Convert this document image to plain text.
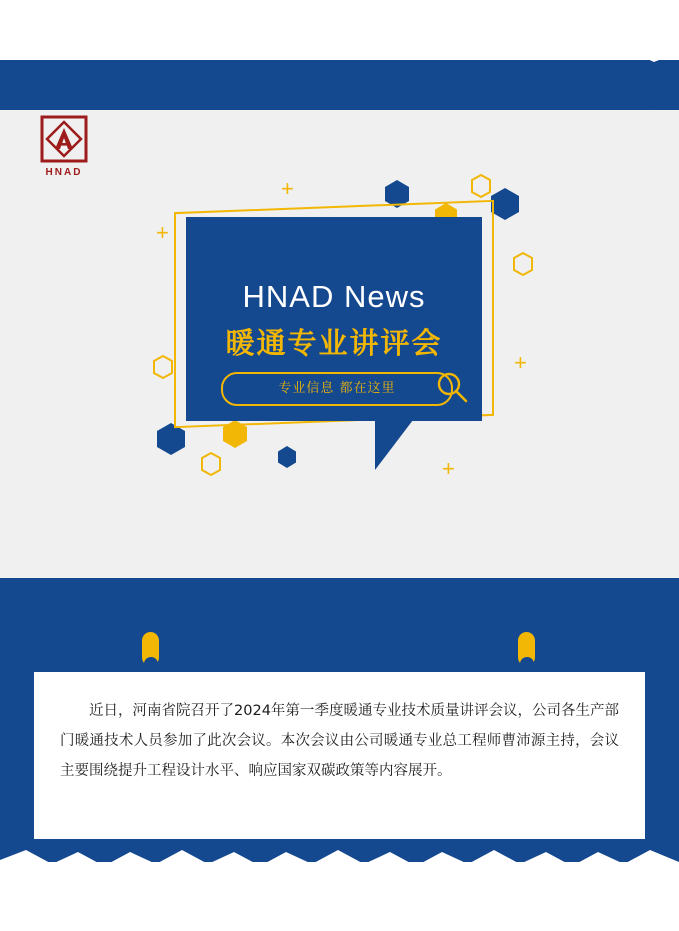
HNAD
+
+
+
+
HNAD News
暖通专业讲评会
专业信息 都在这里
近日，河南省院召开了2024年第一季度暖通专业技术质量讲评会议，公司各生产部门暖通技术人员参加了此次会议。本次会议由公司暖通专业总工程师曹沛源主持，会议主要围绕提升工程设计水平、响应国家双碳政策等内容展开。
